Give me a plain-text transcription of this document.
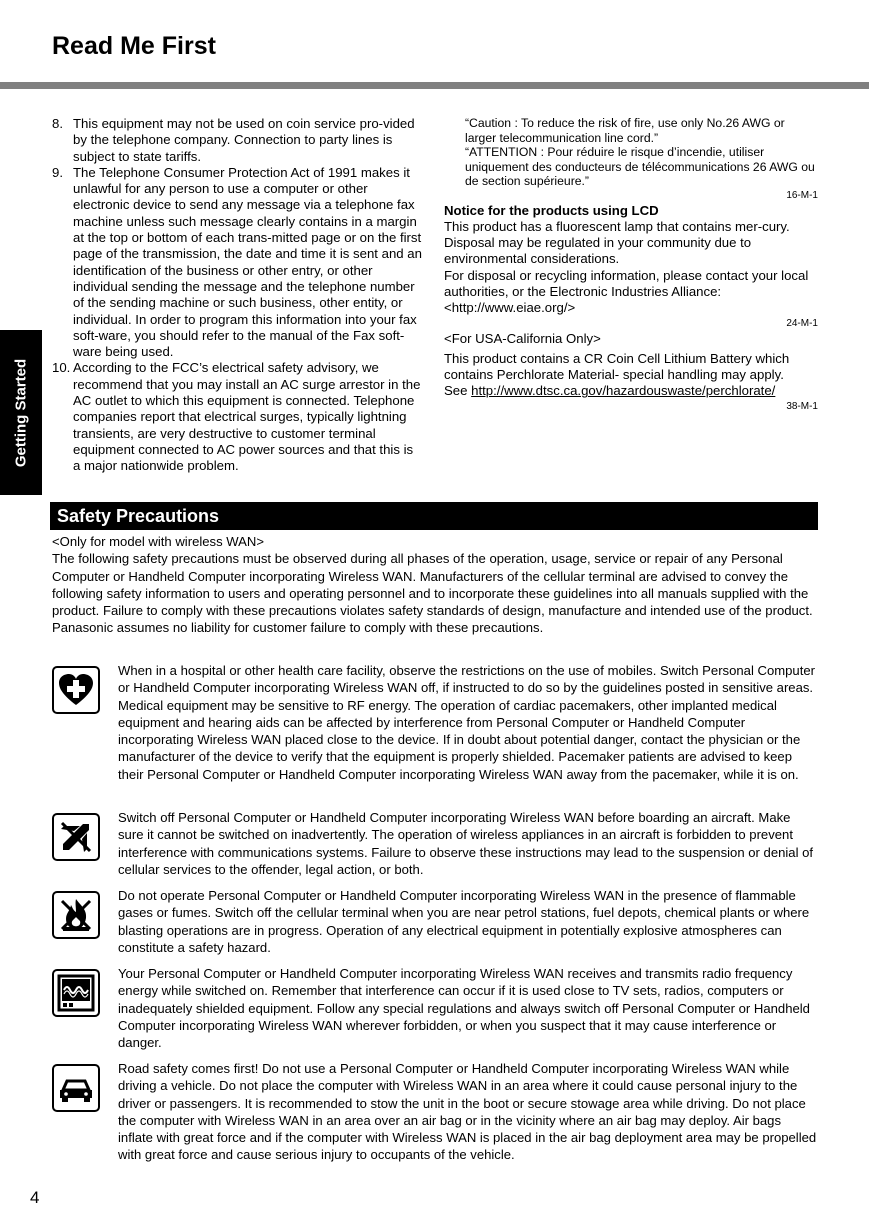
Read Me First
Getting Started
8. This equipment may not be used on coin service pro-vided by the telephone company. Connection to party lines is subject to state tariffs.
9. The Telephone Consumer Protection Act of 1991 makes it unlawful for any person to use a computer or other electronic device to send any message via a telephone fax machine unless such message clearly contains in a margin at the top or bottom of each trans-mitted page or on the first page of the transmission, the date and time it is sent and an identification of the business or other entry, or other individual sending the message and the telephone number of the sending machine or such business, other entity, or individual. In order to program this information into your fax soft-ware, you should refer to the manual of the Fax soft-ware being used.
10. According to the FCC’s electrical safety advisory, we recommend that you may install an AC surge arrestor in the AC outlet to which this equipment is connected. Telephone companies report that electrical surges, typically lightning transients, are very destructive to customer terminal equipment connected to AC power sources and that this is a major nationwide problem.
“Caution : To reduce the risk of fire, use only No.26 AWG or larger telecommunication line cord.”
“ATTENTION : Pour réduire le risque d’incendie, utiliser uniquement des conducteurs de télécommunications 26 AWG ou de section supérieure.”
16-M-1
Notice for the products using LCD
This product has a fluorescent lamp that contains mer-cury. Disposal may be regulated in your community due to environmental considerations.
For disposal or recycling information, please contact your local authorities, or the Electronic Industries Alliance: <http://www.eiae.org/>
24-M-1
<For USA-California Only>
This product contains a CR Coin Cell Lithium Battery which contains Perchlorate Material- special handling may apply.
See http://www.dtsc.ca.gov/hazardouswaste/perchlorate/
38-M-1
Safety Precautions
<Only for model with wireless WAN>
The following safety precautions must be observed during all phases of the operation, usage, service or repair of any Personal Computer or Handheld Computer incorporating Wireless WAN. Manufacturers of the cellular terminal are advised to convey the following safety information to users and operating personnel and to incorporate these guidelines into all manuals supplied with the product. Failure to comply with these precautions violates safety standards of design, manufacture and intended use of the product. Panasonic assumes no liability for customer failure to comply with these precautions.
When in a hospital or other health care facility, observe the restrictions on the use of mobiles. Switch Personal Computer or Handheld Computer incorporating Wireless WAN off, if instructed to do so by the guidelines posted in sensitive areas. Medical equipment may be sensitive to RF energy. The operation of cardiac pacemakers, other implanted medical equipment and hearing aids can be affected by interference from Personal Computer or Handheld Computer incorporating Wireless WAN placed close to the device. If in doubt about potential danger, contact the physician or the manufacturer of the device to verify that the equipment is properly shielded. Pacemaker patients are advised to keep their Personal Computer or Handheld Computer incorporating Wireless WAN away from the pacemaker, while it is on.
Switch off Personal Computer or Handheld Computer incorporating Wireless WAN before boarding an aircraft. Make sure it cannot be switched on inadvertently. The operation of wireless appliances in an aircraft is forbidden to prevent interference with communications systems. Failure to observe these instructions may lead to the suspension or denial of cellular services to the offender, legal action, or both.
Do not operate Personal Computer or Handheld Computer incorporating Wireless WAN in the presence of flammable gases or fumes. Switch off the cellular terminal when you are near petrol stations, fuel depots, chemical plants or where blasting operations are in progress. Operation of any electrical equipment in potentially explosive atmospheres can constitute a safety hazard.
Your Personal Computer or Handheld Computer incorporating Wireless WAN receives and transmits radio frequency energy while switched on. Remember that interference can occur if it is used close to TV sets, radios, computers or inadequately shielded equipment. Follow any special regulations and always switch off Personal Computer or Handheld Computer incorporating Wireless WAN wherever forbidden, or when you suspect that it may cause interference or danger.
Road safety comes first! Do not use a Personal Computer or Handheld Computer incorporating Wireless WAN while driving a vehicle. Do not place the computer with Wireless WAN in an area where it could cause personal injury to the driver or passengers. It is recommended to stow the unit in the boot or secure stowage area while driving. Do not place the computer with Wireless WAN in an area over an air bag or in the vicinity where an air bag may deploy. Air bags inflate with great force and if the computer with Wireless WAN is placed in the air bag deployment area may be propelled with great force and cause serious injury to occupants of the vehicle.
4
